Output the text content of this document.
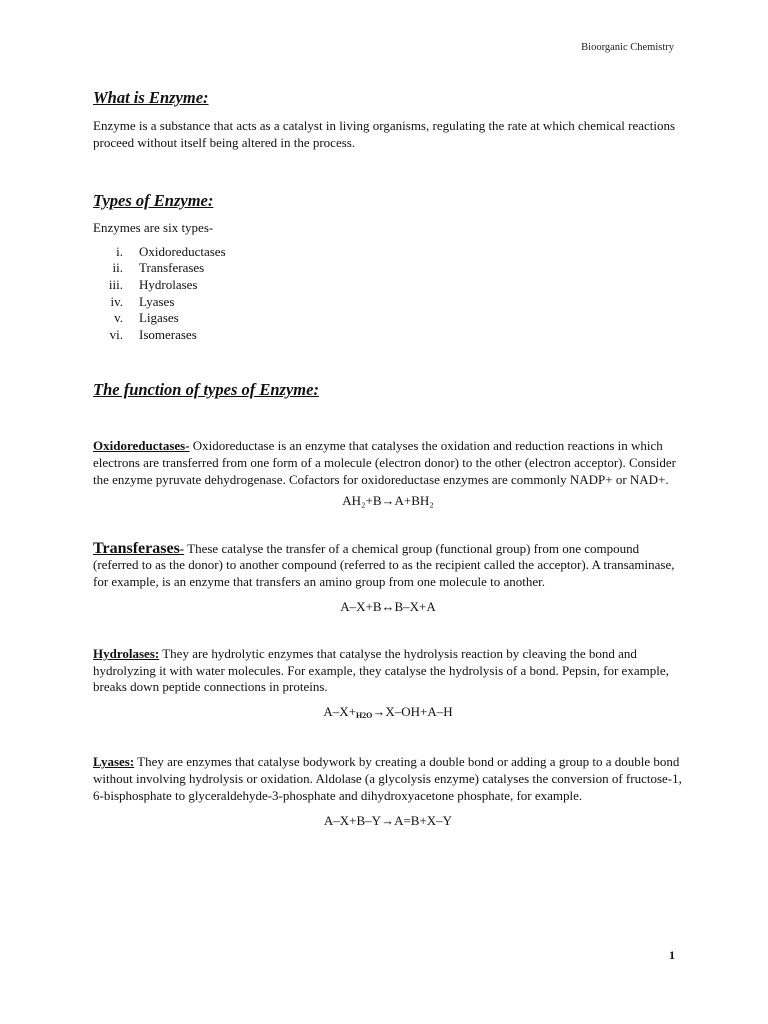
Bioorganic Chemistry
What is Enzyme:

Enzyme is a substance that acts as a catalyst in living organisms, regulating the rate at which chemical reactions proceed without itself being altered in the process.

Types of Enzyme:

Enzymes are six types-

i.	Oxidoreductases
ii.	Transferases
iii.	Hydrolases
iv.	Lyases
v.	Ligases
vi.	Isomerases
The function of types of Enzyme:

Oxidoreductases- Oxidoreductase is an enzyme that catalyses the oxidation and reduction reactions in which electrons are transferred from one form of a molecule (electron donor) to the other (electron acceptor). Consider the enzyme pyruvate dehydrogenase. Cofactors for oxidoreductase enzymes are commonly NADP+ or NAD+.

AH₂+B→A+BH₂

Transferases- These catalyse the transfer of a chemical group (functional group) from one compound (referred to as the donor) to another compound (referred to as the recipient called the acceptor). A transaminase, for example, is an enzyme that transfers an amino group from one molecule to another.

A–X+B↔B–X+A

Hydrolases: They are hydrolytic enzymes that catalyse the hydrolysis reaction by cleaving the bond and hydrolyzing it with water molecules. For example, they catalyse the hydrolysis of a bond. Pepsin, for example, breaks down peptide connections in proteins.

$A-X+_{H2O}\to X-OH+A-H$

Lyases: They are enzymes that catalyse bodywork by creating a double bond or adding a group to a double bond without involving hydrolysis or oxidation. Aldolase (a glycolysis enzyme) catalyses the conversion of fructose-1, 6-bisphosphate to glyceraldehyde-3-phosphate and dihydroxyacetone phosphate, for example.

A–X+B–Y→A=B+X–Y
1
